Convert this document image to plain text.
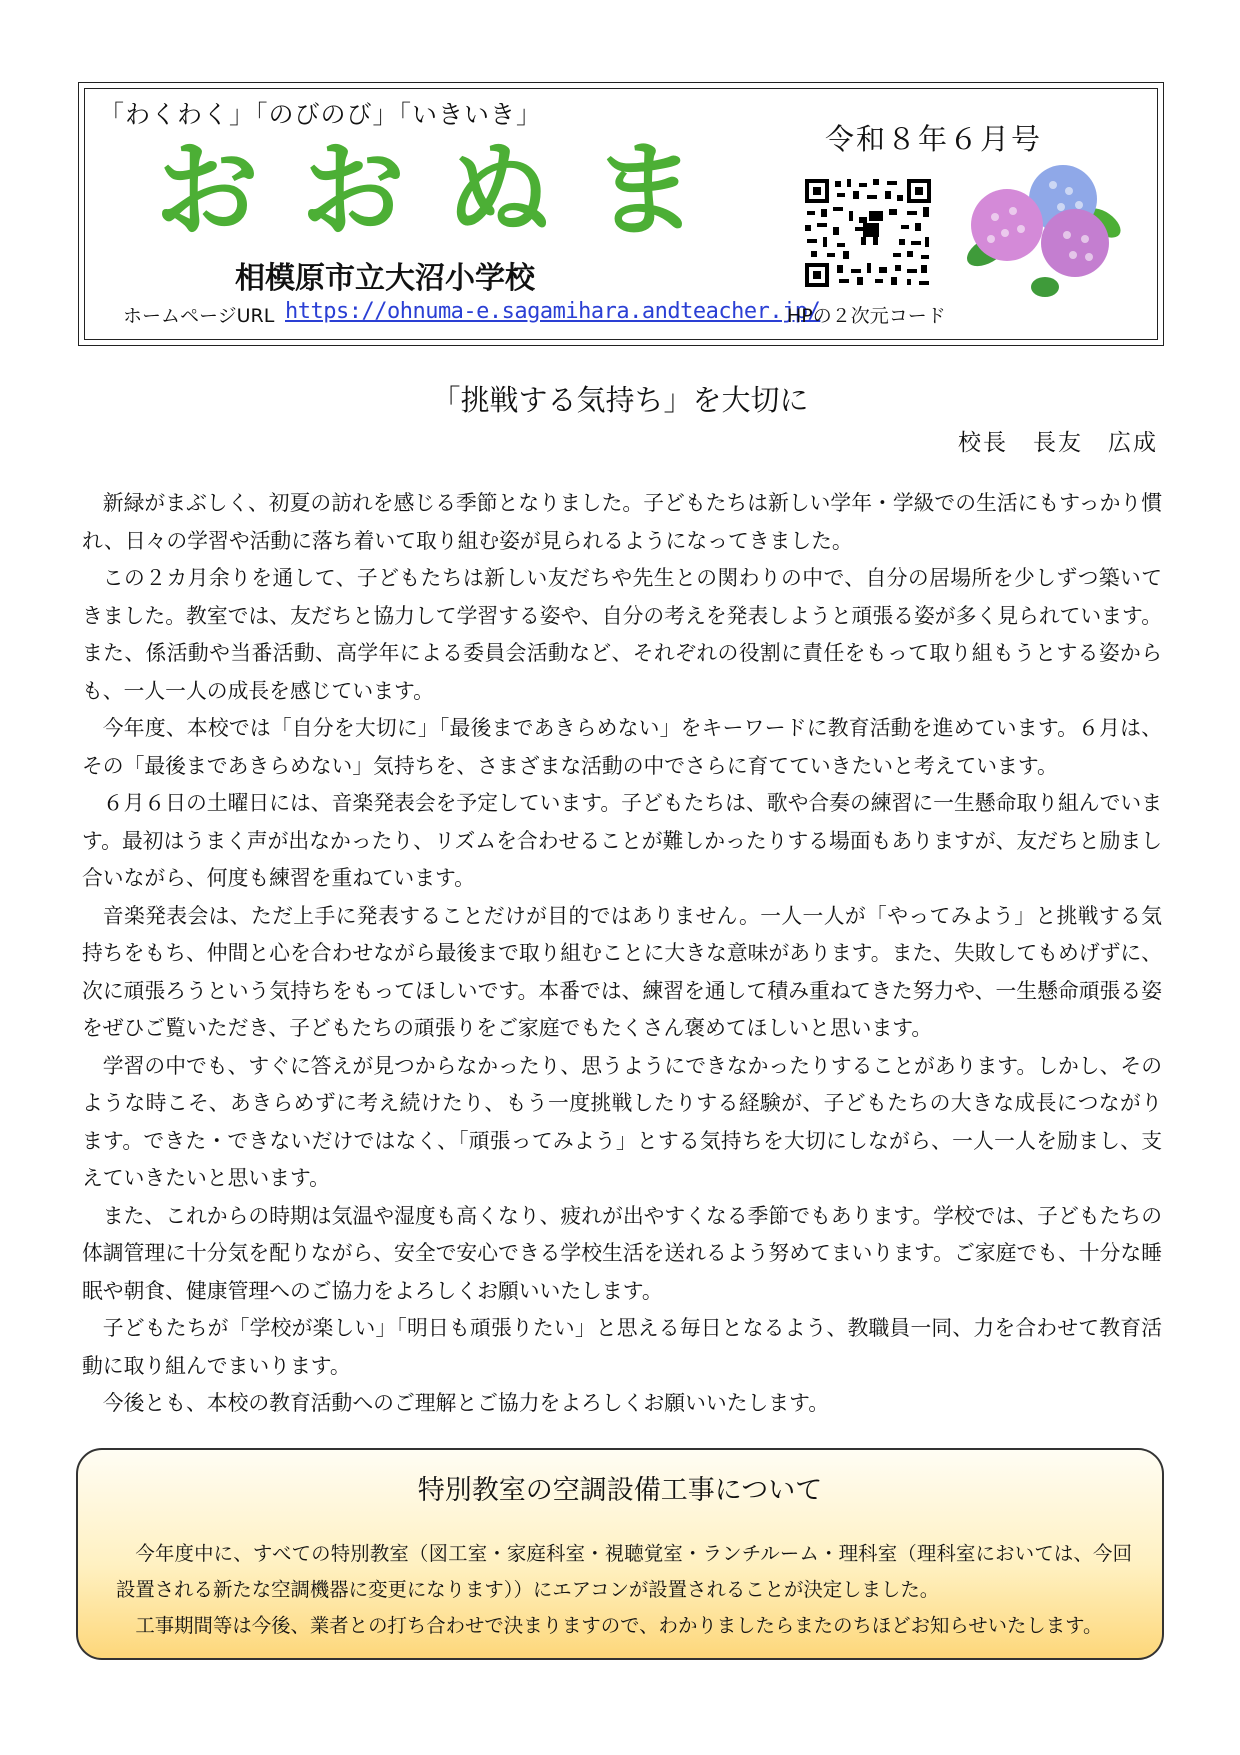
「わくわく」「のびのび」「いきいき」
おおぬま
相模原市立大沼小学校
令和８年６月号
ホームページURL https://ohnuma-e.sagamihara.andteacher.jp/
HPの２次元コード
「挑戦する気持ち」を大切に
校長　長友　広成

新緑がまぶしく、初夏の訪れを感じる季節となりました。子どもたちは新しい学年・学級での生活にもすっかり慣れ、日々の学習や活動に落ち着いて取り組む姿が見られるようになってきました。

この２カ月余りを通して、子どもたちは新しい友だちや先生との関わりの中で、自分の居場所を少しずつ築いてきました。教室では、友だちと協力して学習する姿や、自分の考えを発表しようと頑張る姿が多く見られています。また、係活動や当番活動、高学年による委員会活動など、それぞれの役割に責任をもって取り組もうとする姿からも、一人一人の成長を感じています。

今年度、本校では「自分を大切に」「最後まであきらめない」をキーワードに教育活動を進めています。６月は、その「最後まであきらめない」気持ちを、さまざまな活動の中でさらに育てていきたいと考えています。

６月６日の土曜日には、音楽発表会を予定しています。子どもたちは、歌や合奏の練習に一生懸命取り組んでいます。最初はうまく声が出なかったり、リズムを合わせることが難しかったりする場面もありますが、友だちと励まし合いながら、何度も練習を重ねています。

音楽発表会は、ただ上手に発表することだけが目的ではありません。一人一人が「やってみよう」と挑戦する気持ちをもち、仲間と心を合わせながら最後まで取り組むことに大きな意味があります。また、失敗してもめげずに、次に頑張ろうという気持ちをもってほしいです。本番では、練習を通して積み重ねてきた努力や、一生懸命頑張る姿をぜひご覧いただき、子どもたちの頑張りをご家庭でもたくさん褒めてほしいと思います。

学習の中でも、すぐに答えが見つからなかったり、思うようにできなかったりすることがあります。しかし、そのような時こそ、あきらめずに考え続けたり、もう一度挑戦したりする経験が、子どもたちの大きな成長につながります。できた・できないだけではなく、「頑張ってみよう」とする気持ちを大切にしながら、一人一人を励まし、支えていきたいと思います。

また、これからの時期は気温や湿度も高くなり、疲れが出やすくなる季節でもあります。学校では、子どもたちの体調管理に十分気を配りながら、安全で安心できる学校生活を送れるよう努めてまいります。ご家庭でも、十分な睡眠や朝食、健康管理へのご協力をよろしくお願いいたします。

子どもたちが「学校が楽しい」「明日も頑張りたい」と思える毎日となるよう、教職員一同、力を合わせて教育活動に取り組んでまいります。

今後とも、本校の教育活動へのご理解とご協力をよろしくお願いいたします。

特別教室の空調設備工事について

今年度中に、すべての特別教室（図工室・家庭科室・視聴覚室・ランチルーム・理科室（理科室においては、今回設置される新たな空調機器に変更になります））にエアコンが設置されることが決定しました。

工事期間等は今後、業者との打ち合わせで決まりますので、わかりましたらまたのちほどお知らせいたします。
